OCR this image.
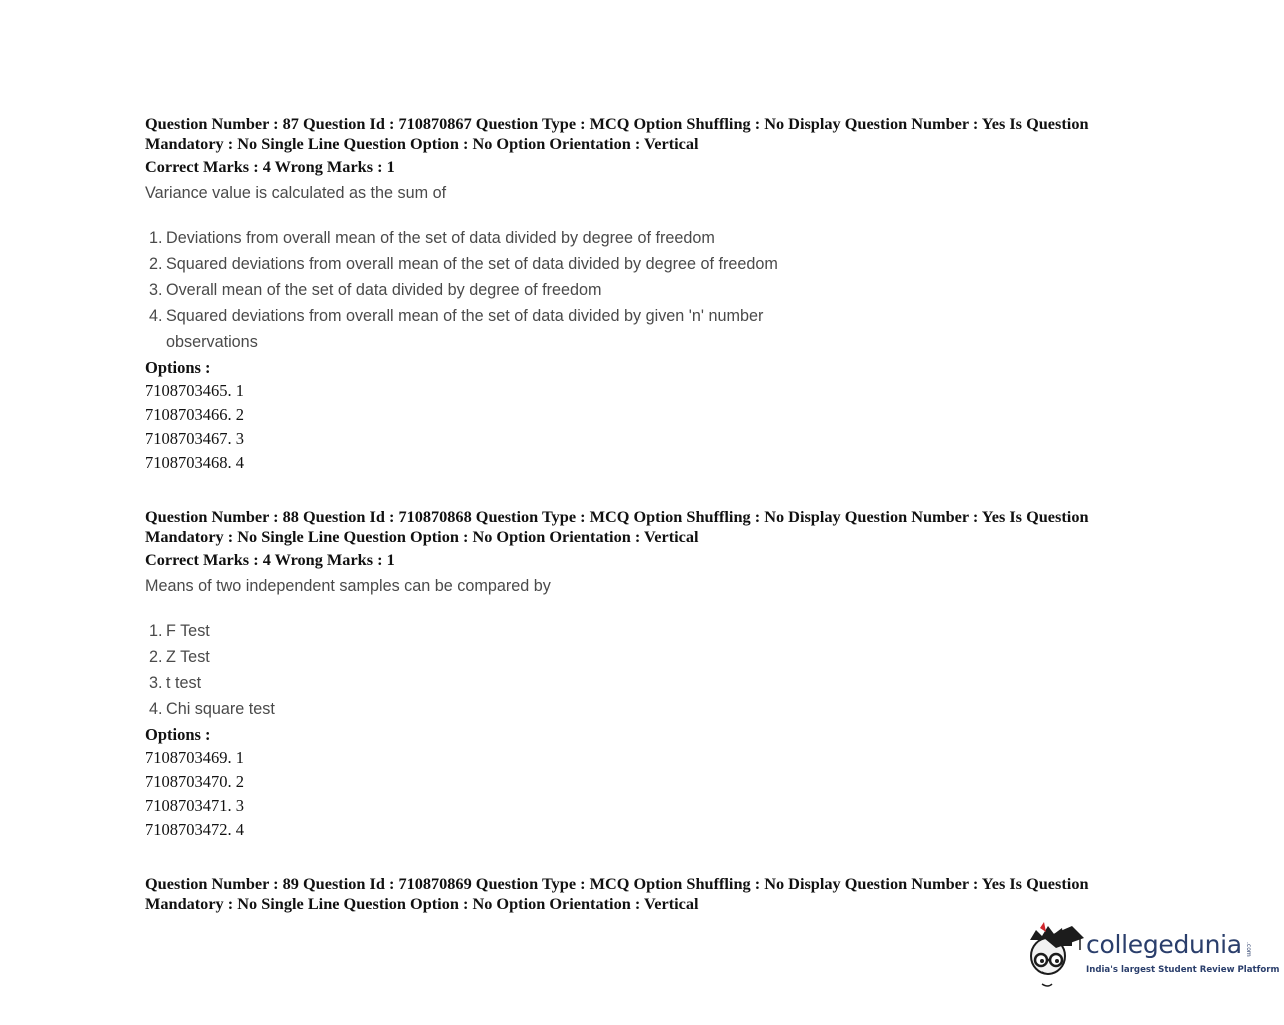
Question Number : 87 Question Id : 710870867 Question Type : MCQ Option Shuffling : No Display Question Number : Yes Is Question Mandatory : No Single Line Question Option : No Option Orientation : Vertical

Correct Marks : 4 Wrong Marks : 1

Variance value is calculated as the sum of

1. Deviations from overall mean of the set of data divided by degree of freedom
2. Squared deviations from overall mean of the set of data divided by degree of freedom
3. Overall mean of the set of data divided by degree of freedom
4. Squared deviations from overall mean of the set of data divided by given 'n' number observations

Options :

7108703465. 1

7108703466. 2

7108703467. 3

7108703468. 4

Question Number : 88 Question Id : 710870868 Question Type : MCQ Option Shuffling : No Display Question Number : Yes Is Question Mandatory : No Single Line Question Option : No Option Orientation : Vertical

Correct Marks : 4 Wrong Marks : 1

Means of two independent samples can be compared by

1. F Test
2. Z Test
3. t test
4. Chi square test

Options :

7108703469. 1

7108703470. 2

7108703471. 3

7108703472. 4

Question Number : 89 Question Id : 710870869 Question Type : MCQ Option Shuffling : No Display Question Number : Yes Is Question Mandatory : No Single Line Question Option : No Option Orientation : Vertical

collegedunia .com
India's largest Student Review Platform
